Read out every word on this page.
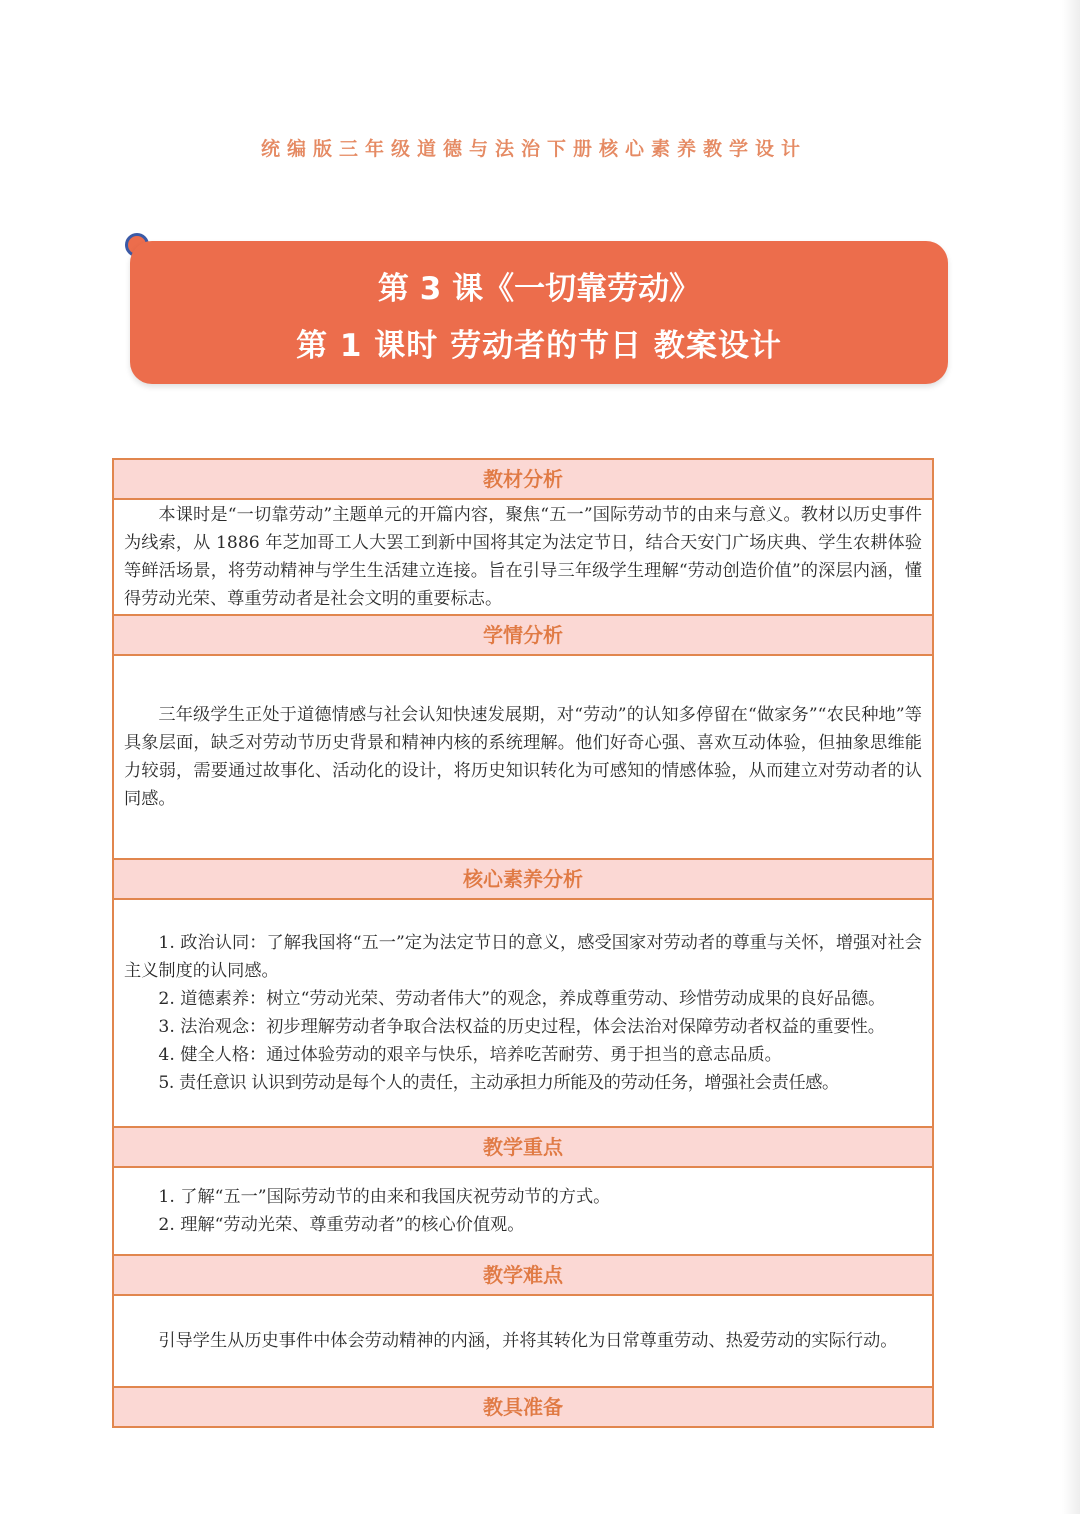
统编版三年级道德与法治下册核心素养教学设计
第 3 课《一切靠劳动》
第 1 课时 劳动者的节日 教案设计
教材分析

本课时是“一切靠劳动”主题单元的开篇内容，聚焦“五一”国际劳动节的由来与意义。教材以历史事件为线索，从 1886 年芝加哥工人大罢工到新中国将其定为法定节日，结合天安门广场庆典、学生农耕体验等鲜活场景，将劳动精神与学生生活建立连接。旨在引导三年级学生理解“劳动创造价值”的深层内涵，懂得劳动光荣、尊重劳动者是社会文明的重要标志。

学情分析

三年级学生正处于道德情感与社会认知快速发展期，对“劳动”的认知多停留在“做家务”“农民种地”等具象层面，缺乏对劳动节历史背景和精神内核的系统理解。他们好奇心强、喜欢互动体验，但抽象思维能力较弱，需要通过故事化、活动化的设计，将历史知识转化为可感知的情感体验，从而建立对劳动者的认同感。

核心素养分析

1. 政治认同：了解我国将“五一”定为法定节日的意义，感受国家对劳动者的尊重与关怀，增强对社会主义制度的认同感。

2. 道德素养：树立“劳动光荣、劳动者伟大”的观念，养成尊重劳动、珍惜劳动成果的良好品德。

3. 法治观念：初步理解劳动者争取合法权益的历史过程，体会法治对保障劳动者权益的重要性。

4. 健全人格：通过体验劳动的艰辛与快乐，培养吃苦耐劳、勇于担当的意志品质。

5. 责任意识 认识到劳动是每个人的责任，主动承担力所能及的劳动任务，增强社会责任感。

教学重点

1. 了解“五一”国际劳动节的由来和我国庆祝劳动节的方式。

2. 理解“劳动光荣、尊重劳动者”的核心价值观。

教学难点

引导学生从历史事件中体会劳动精神的内涵，并将其转化为日常尊重劳动、热爱劳动的实际行动。

教具准备
